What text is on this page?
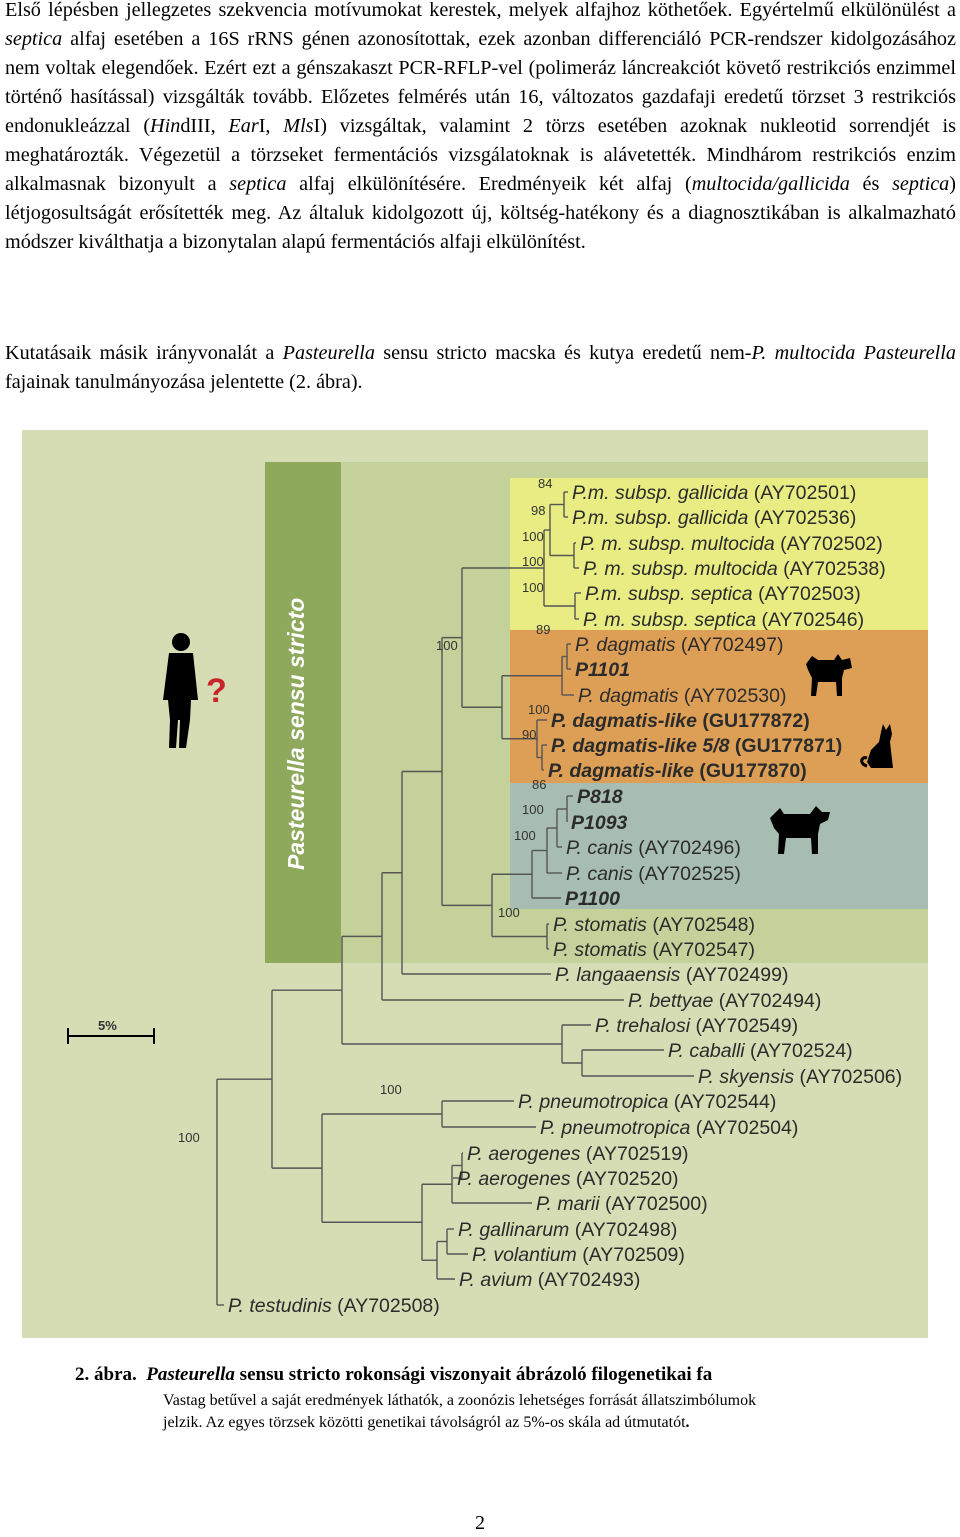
Első lépésben jellegzetes szekvencia motívumokat kerestek, melyek alfajhoz köthetőek. Egyértelmű elkülönülést a septica alfaj esetében a 16S rRNS génen azonosítottak, ezek azonban differenciáló PCR-rendszer kidolgozásához nem voltak elegendőek. Ezért ezt a génszakaszt PCR-RFLP-vel (polimeráz láncreakciót követő restrikciós enzimmel történő hasítással) vizsgálták tovább. Előzetes felmérés után 16, változatos gazdafaji eredetű törzset 3 restrikciós endonukleázzal (HindIII, EarI, MlsI) vizsgáltak, valamint 2 törzs esetében azoknak nukleotid sorrendjét is meghatározták. Végezetül a törzseket fermentációs vizsgálatoknak is alávetették. Mindhárom restrikciós enzim alkalmasnak bizonyult a septica alfaj elkülönítésére. Eredményeik két alfaj (multocida/gallicida és septica) létjogosultságát erősítették meg. Az általuk kidolgozott új, költség-hatékony és a diagnosztikában is alkalmazható módszer kiválthatja a bizonytalan alapú fermentációs alfaji elkülönítést.

Kutatásaik másik irányvonalát a Pasteurella sensu stricto macska és kutya eredetű nem-P. multocida Pasteurella fajainak tanulmányozása jelentette (2. ábra).

Pasteurella sensu stricto
?
84
98
100
100
100
100
89
100
90
86
100
100
100
100
100
P.m. subsp. gallicida (AY702501)
P.m. subsp. gallicida (AY702536)
P. m. subsp. multocida (AY702502)
P. m. subsp. multocida (AY702538)
P.m. subsp. septica (AY702503)
P. m. subsp. septica (AY702546)
P. dagmatis (AY702497)
P1101
P. dagmatis (AY702530)
P. dagmatis-like (GU177872)
P. dagmatis-like 5/8 (GU177871)
P. dagmatis-like (GU177870)
P818
P1093
P. canis (AY702496)
P. canis (AY702525)
P1100
P. stomatis (AY702548)
P. stomatis (AY702547)
P. langaaensis (AY702499)
P. bettyae (AY702494)
P. trehalosi (AY702549)
P. caballi (AY702524)
P. skyensis (AY702506)
P. pneumotropica (AY702544)
P. pneumotropica (AY702504)
P. aerogenes (AY702519)
P. aerogenes (AY702520)
P. marii (AY702500)
P. gallinarum (AY702498)
P. volantium (AY702509)
P. avium (AY702493)
P. testudinis (AY702508)
5%
2. ábra. Pasteurella sensu stricto rokonsági viszonyait ábrázoló filogenetikai fa
Vastag betűvel a saját eredmények láthatók, a zoonózis lehetséges forrását állatszimbólumok
jelzik. Az egyes törzsek közötti genetikai távolságról az 5%-os skála ad útmutatót.
2
